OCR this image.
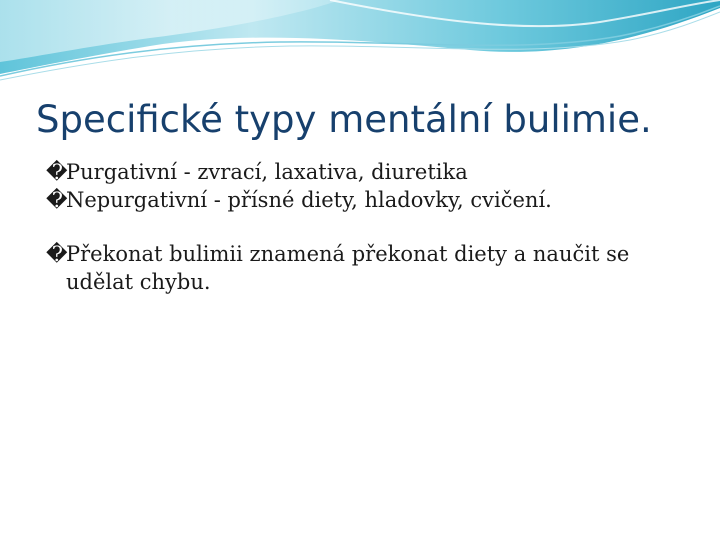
Specifické typy mentální bulimie.
�
Purgativní - zvrací, laxativa, diuretika
�
Nepurgativní - přísné diety, hladovky, cvičení.
�
Překonat bulimii znamená překonat diety a naučit se udělat chybu.
